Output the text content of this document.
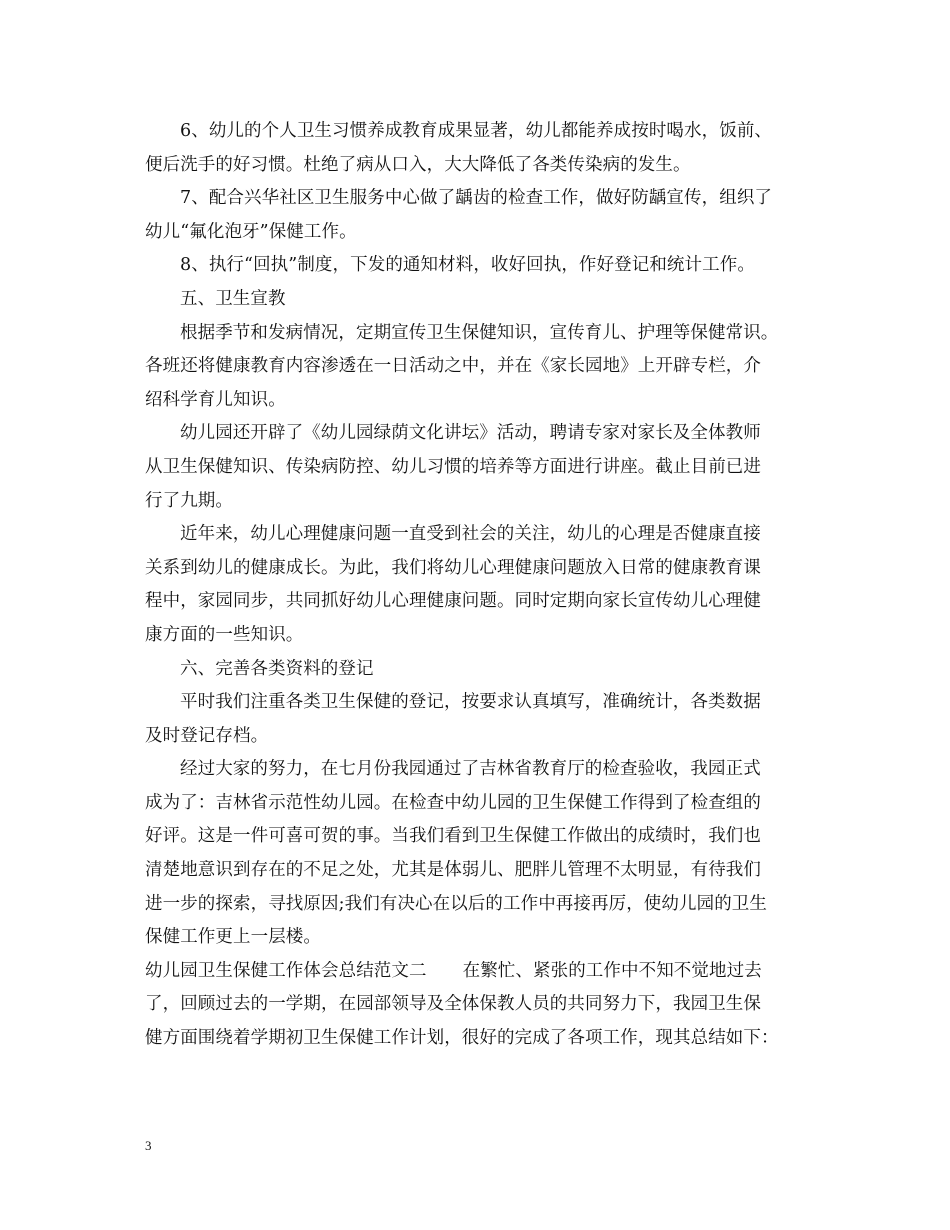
6、幼儿的个人卫生习惯养成教育成果显著，幼儿都能养成按时喝水，饭前、
便后洗手的好习惯。杜绝了病从口入，大大降低了各类传染病的发生。
7、配合兴华社区卫生服务中心做了龋齿的检查工作，做好防龋宣传，组织了
幼儿“氟化泡牙”保健工作。
8、执行“回执”制度，下发的通知材料，收好回执，作好登记和统计工作。
五、卫生宣教
根据季节和发病情况，定期宣传卫生保健知识，宣传育儿、护理等保健常识。
各班还将健康教育内容渗透在一日活动之中，并在《家长园地》上开辟专栏，介
绍科学育儿知识。
幼儿园还开辟了《幼儿园绿荫文化讲坛》活动，聘请专家对家长及全体教师
从卫生保健知识、传染病防控、幼儿习惯的培养等方面进行讲座。截止目前已进
行了九期。
近年来，幼儿心理健康问题一直受到社会的关注，幼儿的心理是否健康直接
关系到幼儿的健康成长。为此，我们将幼儿心理健康问题放入日常的健康教育课
程中，家园同步，共同抓好幼儿心理健康问题。同时定期向家长宣传幼儿心理健
康方面的一些知识。
六、完善各类资料的登记
平时我们注重各类卫生保健的登记，按要求认真填写，准确统计，各类数据
及时登记存档。
经过大家的努力，在七月份我园通过了吉林省教育厅的检查验收，我园正式
成为了：吉林省示范性幼儿园。在检查中幼儿园的卫生保健工作得到了检查组的
好评。这是一件可喜可贺的事。当我们看到卫生保健工作做出的成绩时，我们也
清楚地意识到存在的不足之处，尤其是体弱儿、肥胖儿管理不太明显，有待我们
进一步的探索，寻找原因;我们有决心在以后的工作中再接再厉，使幼儿园的卫生
保健工作更上一层楼。
幼儿园卫生保健工作体会总结范文二 在繁忙、紧张的工作中不知不觉地过去
了，回顾过去的一学期，在园部领导及全体保教人员的共同努力下，我园卫生保
健方面围绕着学期初卫生保健工作计划，很好的完成了各项工作，现其总结如下：
3
